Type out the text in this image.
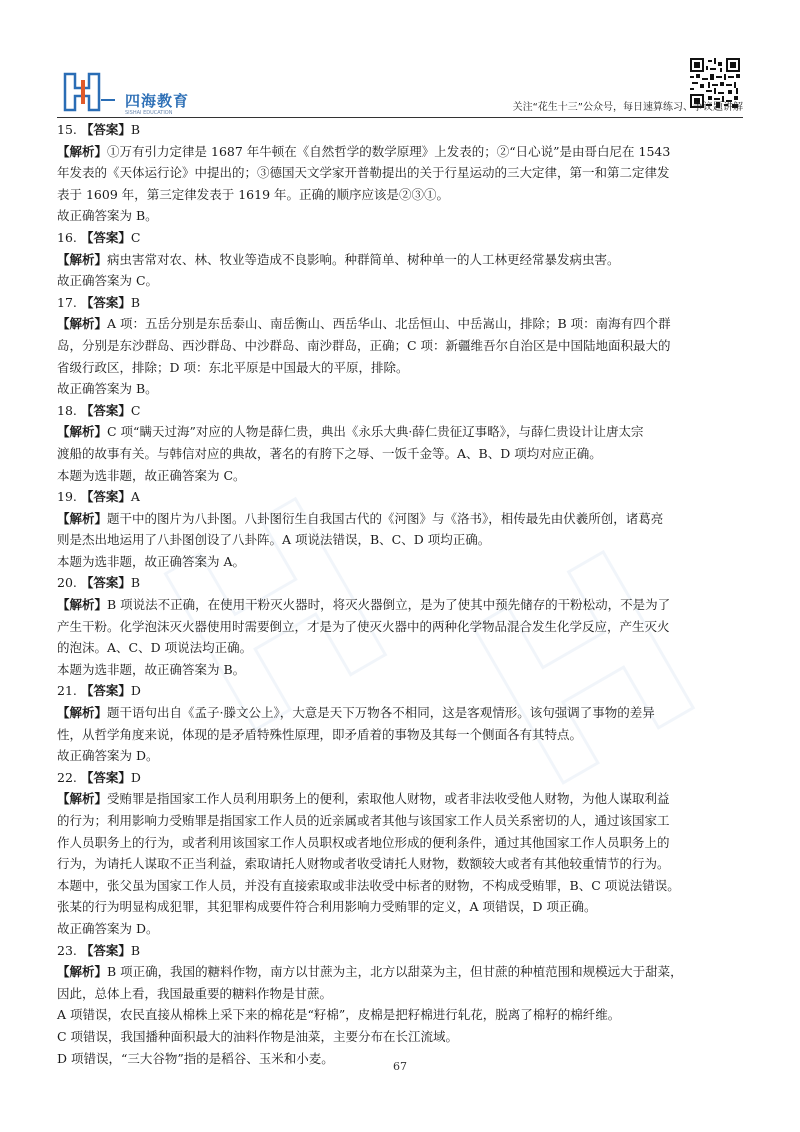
四海教育
SISHAI EDUCATION	关注“花生十三”公众号，每日速算练习、争议题讲解
15. 【答案】B
【解析】①万有引力定律是 1687 年牛顿在《自然哲学的数学原理》上发表的；②“日心说”是由哥白尼在 1543
年发表的《天体运行论》中提出的；③德国天文学家开普勒提出的关于行星运动的三大定律，第一和第二定律发
表于 1609 年，第三定律发表于 1619 年。正确的顺序应该是②③①。
故正确答案为 B。
16. 【答案】C
【解析】病虫害常对农、林、牧业等造成不良影响。种群简单、树种单一的人工林更经常暴发病虫害。
故正确答案为 C。
17. 【答案】B
【解析】A 项：五岳分别是东岳泰山、南岳衡山、西岳华山、北岳恒山、中岳嵩山，排除；B 项：南海有四个群
岛，分别是东沙群岛、西沙群岛、中沙群岛、南沙群岛，正确；C 项：新疆维吾尔自治区是中国陆地面积最大的
省级行政区，排除；D 项：东北平原是中国最大的平原，排除。
故正确答案为 B。
18. 【答案】C
【解析】C 项“瞒天过海”对应的人物是薛仁贵，典出《永乐大典·薛仁贵征辽事略》，与薛仁贵设计让唐太宗
渡船的故事有关。与韩信对应的典故，著名的有胯下之辱、一饭千金等。A、B、D 项均对应正确。
本题为选非题，故正确答案为 C。
19. 【答案】A
【解析】题干中的图片为八卦图。八卦图衍生自我国古代的《河图》与《洛书》，相传最先由伏羲所创，诸葛亮
则是杰出地运用了八卦图创设了八卦阵。A 项说法错误，B、C、D 项均正确。
本题为选非题，故正确答案为 A。
20. 【答案】B
【解析】B 项说法不正确，在使用干粉灭火器时，将灭火器倒立，是为了使其中预先储存的干粉松动，不是为了
产生干粉。化学泡沫灭火器使用时需要倒立，才是为了使灭火器中的两种化学物品混合发生化学反应，产生灭火
的泡沫。A、C、D 项说法均正确。
本题为选非题，故正确答案为 B。
21. 【答案】D
【解析】题干语句出自《孟子·滕文公上》，大意是天下万物各不相同，这是客观情形。该句强调了事物的差异
性，从哲学角度来说，体现的是矛盾特殊性原理，即矛盾着的事物及其每一个侧面各有其特点。
故正确答案为 D。
22. 【答案】D
【解析】受贿罪是指国家工作人员利用职务上的便利，索取他人财物，或者非法收受他人财物，为他人谋取利益
的行为；利用影响力受贿罪是指国家工作人员的近亲属或者其他与该国家工作人员关系密切的人，通过该国家工
作人员职务上的行为，或者利用该国家工作人员职权或者地位形成的便利条件，通过其他国家工作人员职务上的
行为，为请托人谋取不正当利益，索取请托人财物或者收受请托人财物，数额较大或者有其他较重情节的行为。
本题中，张父虽为国家工作人员，并没有直接索取或非法收受中标者的财物，不构成受贿罪，B、C 项说法错误。
张某的行为明显构成犯罪，其犯罪构成要件符合利用影响力受贿罪的定义，A 项错误，D 项正确。
故正确答案为 D。
23. 【答案】B
【解析】B 项正确，我国的糖料作物，南方以甘蔗为主，北方以甜菜为主，但甘蔗的种植范围和规模远大于甜菜，
因此，总体上看，我国最重要的糖料作物是甘蔗。
A 项错误，农民直接从棉株上采下来的棉花是“籽棉”，皮棉是把籽棉进行轧花，脱离了棉籽的棉纤维。
C 项错误，我国播种面积最大的油料作物是油菜，主要分布在长江流域。
D 项错误，“三大谷物”指的是稻谷、玉米和小麦。
67
